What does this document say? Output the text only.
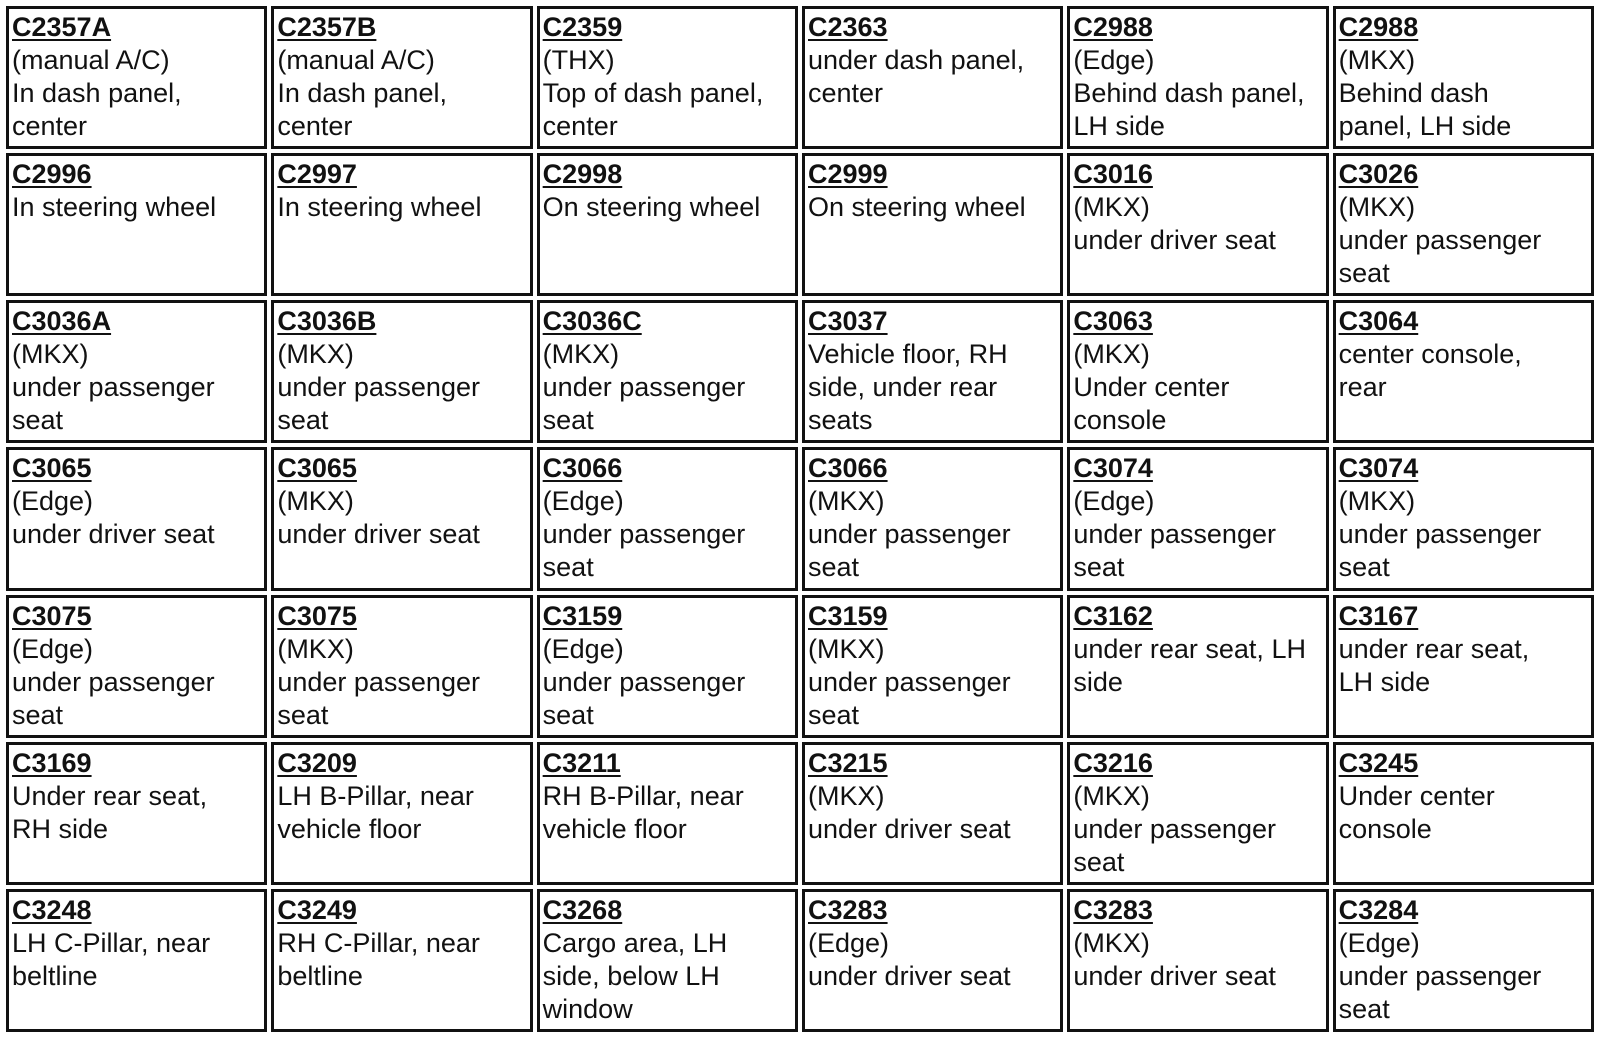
C2357A
(manual A/C)
In dash panel,
center
C2357B
(manual A/C)
In dash panel,
center
C2359
(THX)
Top of dash panel,
center
C2363
under dash panel,
center
C2988
(Edge)
Behind dash panel,
LH side
C2988
(MKX)
Behind dash
panel, LH side
C2996
In steering wheel
C2997
In steering wheel
C2998
On steering wheel
C2999
On steering wheel
C3016
(MKX)
under driver seat
C3026
(MKX)
under passenger
seat
C3036A
(MKX)
under passenger
seat
C3036B
(MKX)
under passenger
seat
C3036C
(MKX)
under passenger
seat
C3037
Vehicle floor, RH
side, under rear
seats
C3063
(MKX)
Under center
console
C3064
center console,
rear
C3065
(Edge)
under driver seat
C3065
(MKX)
under driver seat
C3066
(Edge)
under passenger
seat
C3066
(MKX)
under passenger
seat
C3074
(Edge)
under passenger
seat
C3074
(MKX)
under passenger
seat
C3075
(Edge)
under passenger
seat
C3075
(MKX)
under passenger
seat
C3159
(Edge)
under passenger
seat
C3159
(MKX)
under passenger
seat
C3162
under rear seat, LH
side
C3167
under rear seat,
LH side
C3169
Under rear seat,
RH side
C3209
LH B-Pillar, near
vehicle floor
C3211
RH B-Pillar, near
vehicle floor
C3215
(MKX)
under driver seat
C3216
(MKX)
under passenger
seat
C3245
Under center
console
C3248
LH C-Pillar, near
beltline
C3249
RH C-Pillar, near
beltline
C3268
Cargo area, LH
side, below LH
window
C3283
(Edge)
under driver seat
C3283
(MKX)
under driver seat
C3284
(Edge)
under passenger
seat
